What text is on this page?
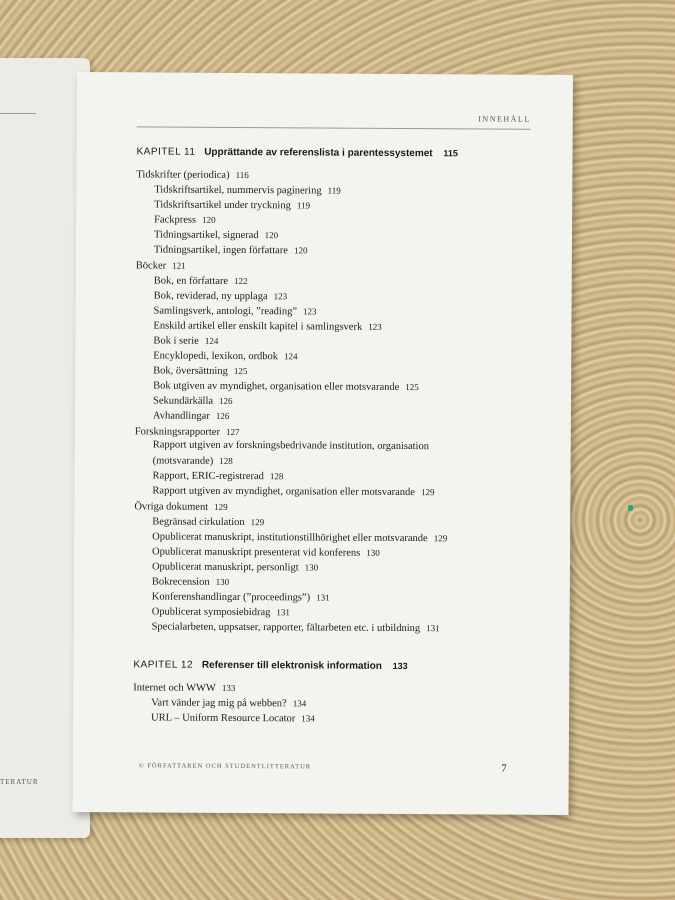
TERATUR
INNEHÅLL
KAPITEL 11 Upprättande av referenslista i parentessystemet 115
Tidskrifter (periodica) 116
Tidskriftsartikel, nummervis paginering 119
Tidskriftsartikel under tryckning 119
Fackpress 120
Tidningsartikel, signerad 120
Tidningsartikel, ingen författare 120
Böcker 121
Bok, en författare 122
Bok, reviderad, ny upplaga 123
Samlingsverk, antologi, ”reading” 123
Enskild artikel eller enskilt kapitel i samlingsverk 123
Bok i serie 124
Encyklopedi, lexikon, ordbok 124
Bok, översättning 125
Bok utgiven av myndighet, organisation eller motsvarande 125
Sekundärkälla 126
Avhandlingar 126
Forskningsrapporter 127
Rapport utgiven av forskningsbedrivande institution, organisation
(motsvarande) 128
Rapport, ERIC-registrerad 128
Rapport utgiven av myndighet, organisation eller motsvarande 129
Övriga dokument 129
Begränsad cirkulation 129
Opublicerat manuskript, institutionstillhörighet eller motsvarande 129
Opublicerat manuskript presenterat vid konferens 130
Opublicerat manuskript, personligt 130
Bokrecension 130
Konferenshandlingar (”proceedings”) 131
Opublicerat symposiebidrag 131
Specialarbeten, uppsatser, rapporter, fältarbeten etc. i utbildning 131
KAPITEL 12 Referenser till elektronisk information 133
Internet och WWW 133
Vart vänder jag mig på webben? 134
URL – Uniform Resource Locator 134
© FÖRFATTAREN OCH STUDENTLITTERATUR	7
